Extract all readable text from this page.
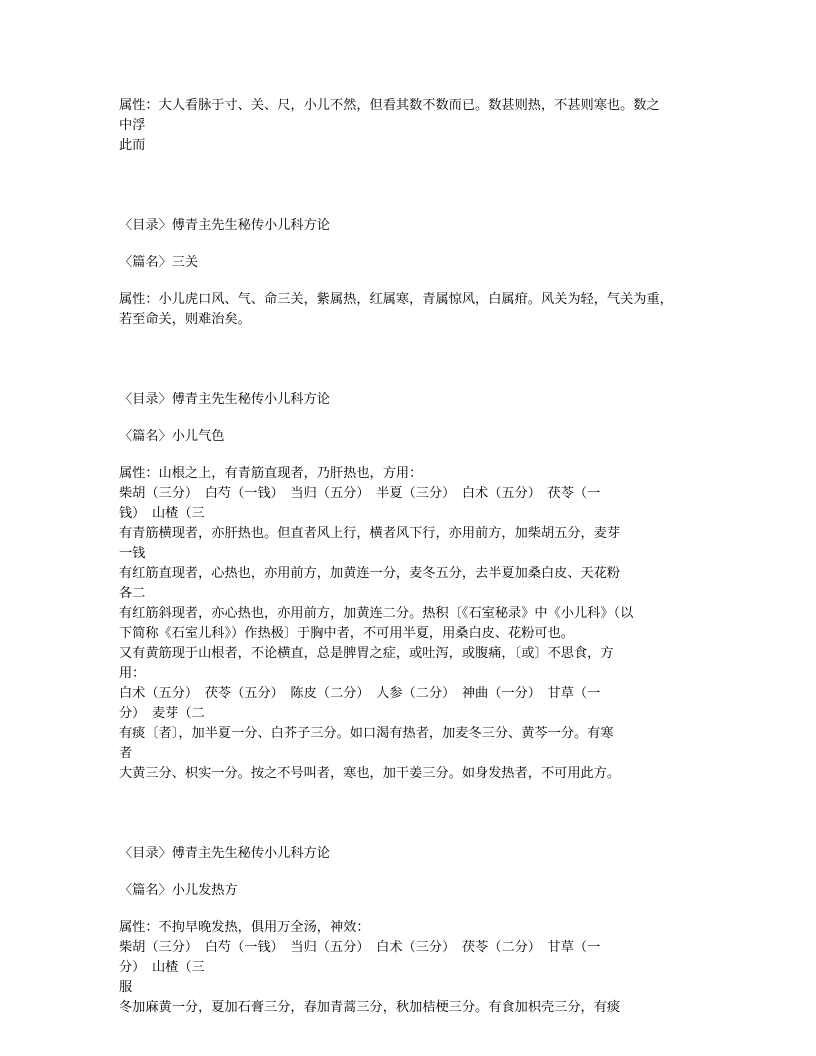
属性：大人看脉于寸、关、尺，小儿不然，但看其数不数而已。数甚则热，不甚则寒也。数之
中浮
此而
〈目录〉傅青主先生秘传小儿科方论
〈篇名〉三关
属性：小儿虎口风、气、命三关，紫属热，红属寒，青属惊风，白属疳。风关为轻，气关为重，
若至命关，则难治矣。
〈目录〉傅青主先生秘传小儿科方论
〈篇名〉小儿气色
属性：山根之上，有青筋直现者，乃肝热也，方用：
柴胡（三分）　白芍（一钱）　当归（五分）　半夏（三分）　白术（五分）　茯苓（一
钱）　山楂（三
有青筋横现者，亦肝热也。但直者风上行，横者风下行，亦用前方，加柴胡五分，麦芽
一钱
有红筋直现者，心热也，亦用前方，加黄连一分，麦冬五分，去半夏加桑白皮、天花粉
各二
有红筋斜现者，亦心热也，亦用前方，加黄连二分。热积〔《石室秘录》中《小儿科》（以
下简称《石室儿科》）作热极〕于胸中者，不可用半夏，用桑白皮、花粉可也。
又有黄筋现于山根者，不论横直，总是脾胃之症，或吐泻，或腹痛，〔或〕不思食，方
用：
白术（五分）　茯苓（五分）　陈皮（二分）　人参（二分）　神曲（一分）　甘草（一
分）　麦芽（二
有痰〔者〕，加半夏一分、白芥子三分。如口渴有热者，加麦冬三分、黄芩一分。有寒
者
大黄三分、枳实一分。按之不号叫者，寒也，加干姜三分。如身发热者，不可用此方。
〈目录〉傅青主先生秘传小儿科方论
〈篇名〉小儿发热方
属性：不拘早晚发热，俱用万全汤，神效：
柴胡（三分）　白芍（一钱）　当归（五分）　白术（三分）　茯苓（二分）　甘草（一
分）　山楂（三
服
冬加麻黄一分，夏加石膏三分，春加青蒿三分，秋加桔梗三分。有食加枳壳三分，有痰
